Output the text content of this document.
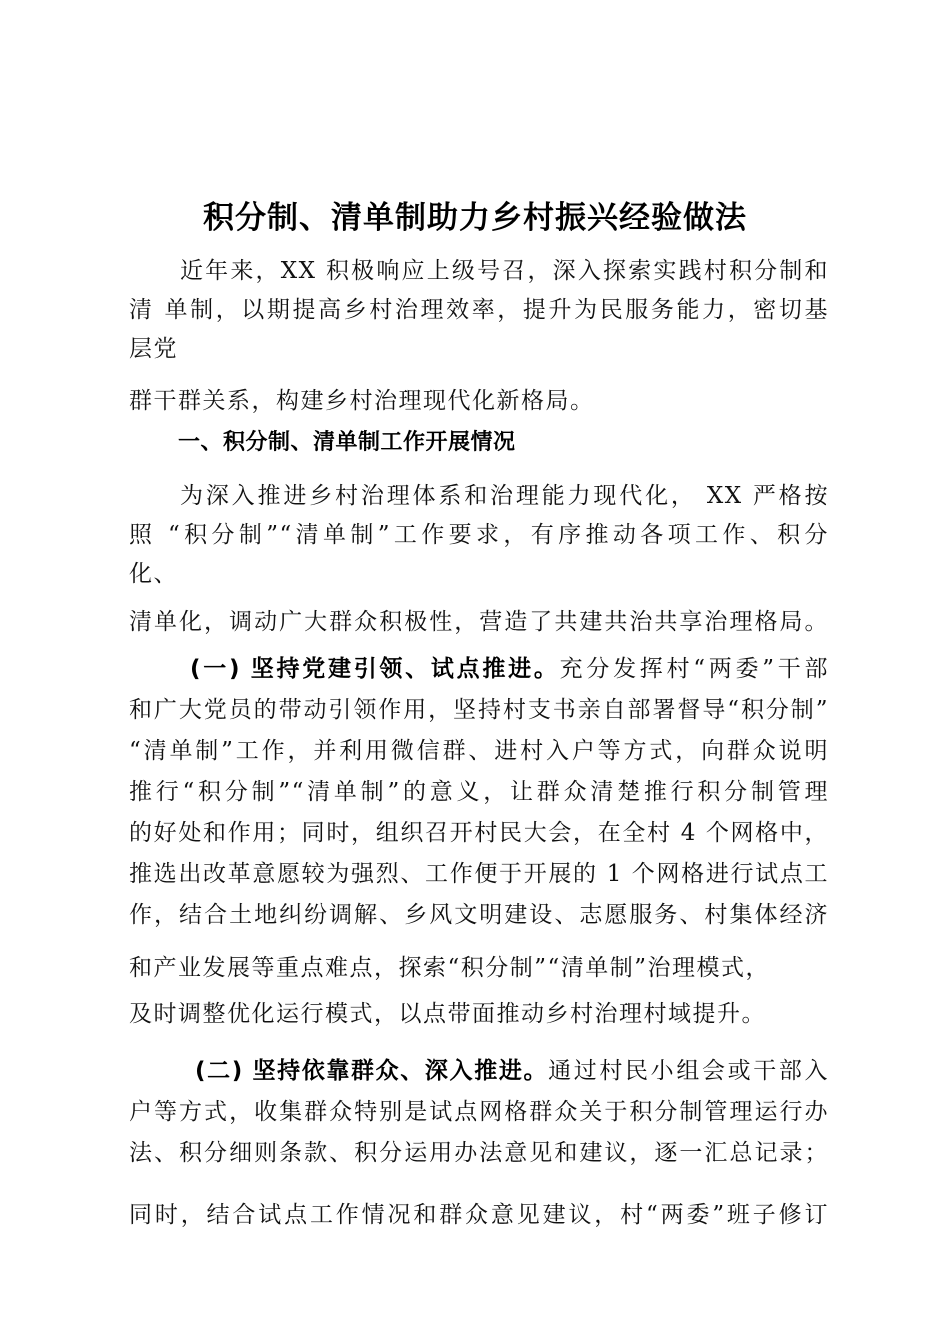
积分制、清单制助力乡村振兴经验做法
近年来，XX 积极响应上级号召，深入探索实践村积分制和
清 单制，以期提高乡村治理效率，提升为民服务能力，密切基
层党
群干群关系，构建乡村治理现代化新格局。
一、积分制、清单制工作开展情况
为深入推进乡村治理体系和治理能力现代化， XX 严格按
照 “积分制”“清单制”工作要求，有序推动各项工作、积分
化、
清单化，调动广大群众积极性，营造了共建共治共享治理格局。
(一) 坚持党建引领、试点推进。充分发挥村“两委”干部
和广大党员的带动引领作用，坚持村支书亲自部署督导“积分制”
“清单制”工作，并利用微信群、进村入户等方式，向群众说明
推行“积分制”“清单制”的意义，让群众清楚推行积分制管理
的好处和作用；同时，组织召开村民大会，在全村 4 个网格中，
推选出改革意愿较为强烈、工作便于开展的 1 个网格进行试点工
作，结合土地纠纷调解、乡风文明建设、志愿服务、村集体经济
和产业发展等重点难点，探索“积分制”“清单制”治理模式，
及时调整优化运行模式，以点带面推动乡村治理村域提升。
(二) 坚持依靠群众、深入推进。通过村民小组会或干部入
户等方式，收集群众特别是试点网格群众关于积分制管理运行办
法、积分细则条款、积分运用办法意见和建议，逐一汇总记录；
同时，结合试点工作情况和群众意见建议，村“两委”班子修订
